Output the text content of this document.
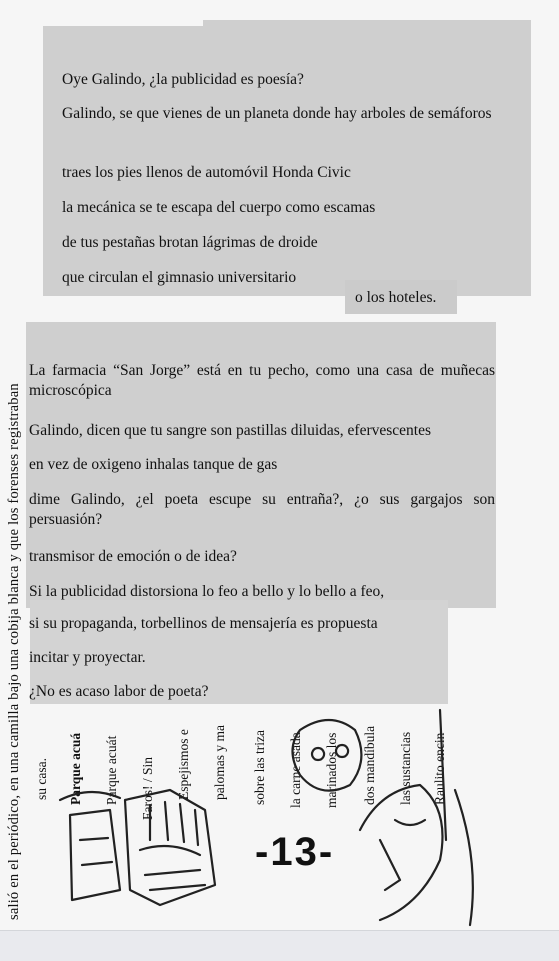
salió en el periódico, en una camilla bajo una cobija blanca y que los forenses registraban
Oye Galindo, ¿la publicidad es poesía?
Galindo, se que vienes de un planeta donde hay arboles de semáforos
traes los pies llenos de automóvil Honda Civic
la mecánica se te escapa del cuerpo como escamas
de tus pestañas brotan lágrimas de droide
que circulan el gimnasio universitario
o los hoteles.
La farmacia “San Jorge” está en tu pecho, como una casa de muñecas microscópica
Galindo, dicen que tu sangre son pastillas diluidas, efervescentes
en vez de oxigeno inhalas tanque de gas
dime Galindo, ¿el poeta escupe su entraña?, ¿o sus gargajos son persuasión?
transmisor de emoción o de idea?
Si la publicidad distorsiona lo feo a bello y lo bello a feo,
si su propaganda, torbellinos de mensajería es propuesta
incitar y proyectar.
¿No es acaso labor de poeta?
su casa.	Parque acuá	Parque acuát	Faros! / Sin	Espejismos e	palomas y ma	sobre las triza	la carne asada	marinados los	dos mandíbula	las sustancias	Raulito encin
-13-
